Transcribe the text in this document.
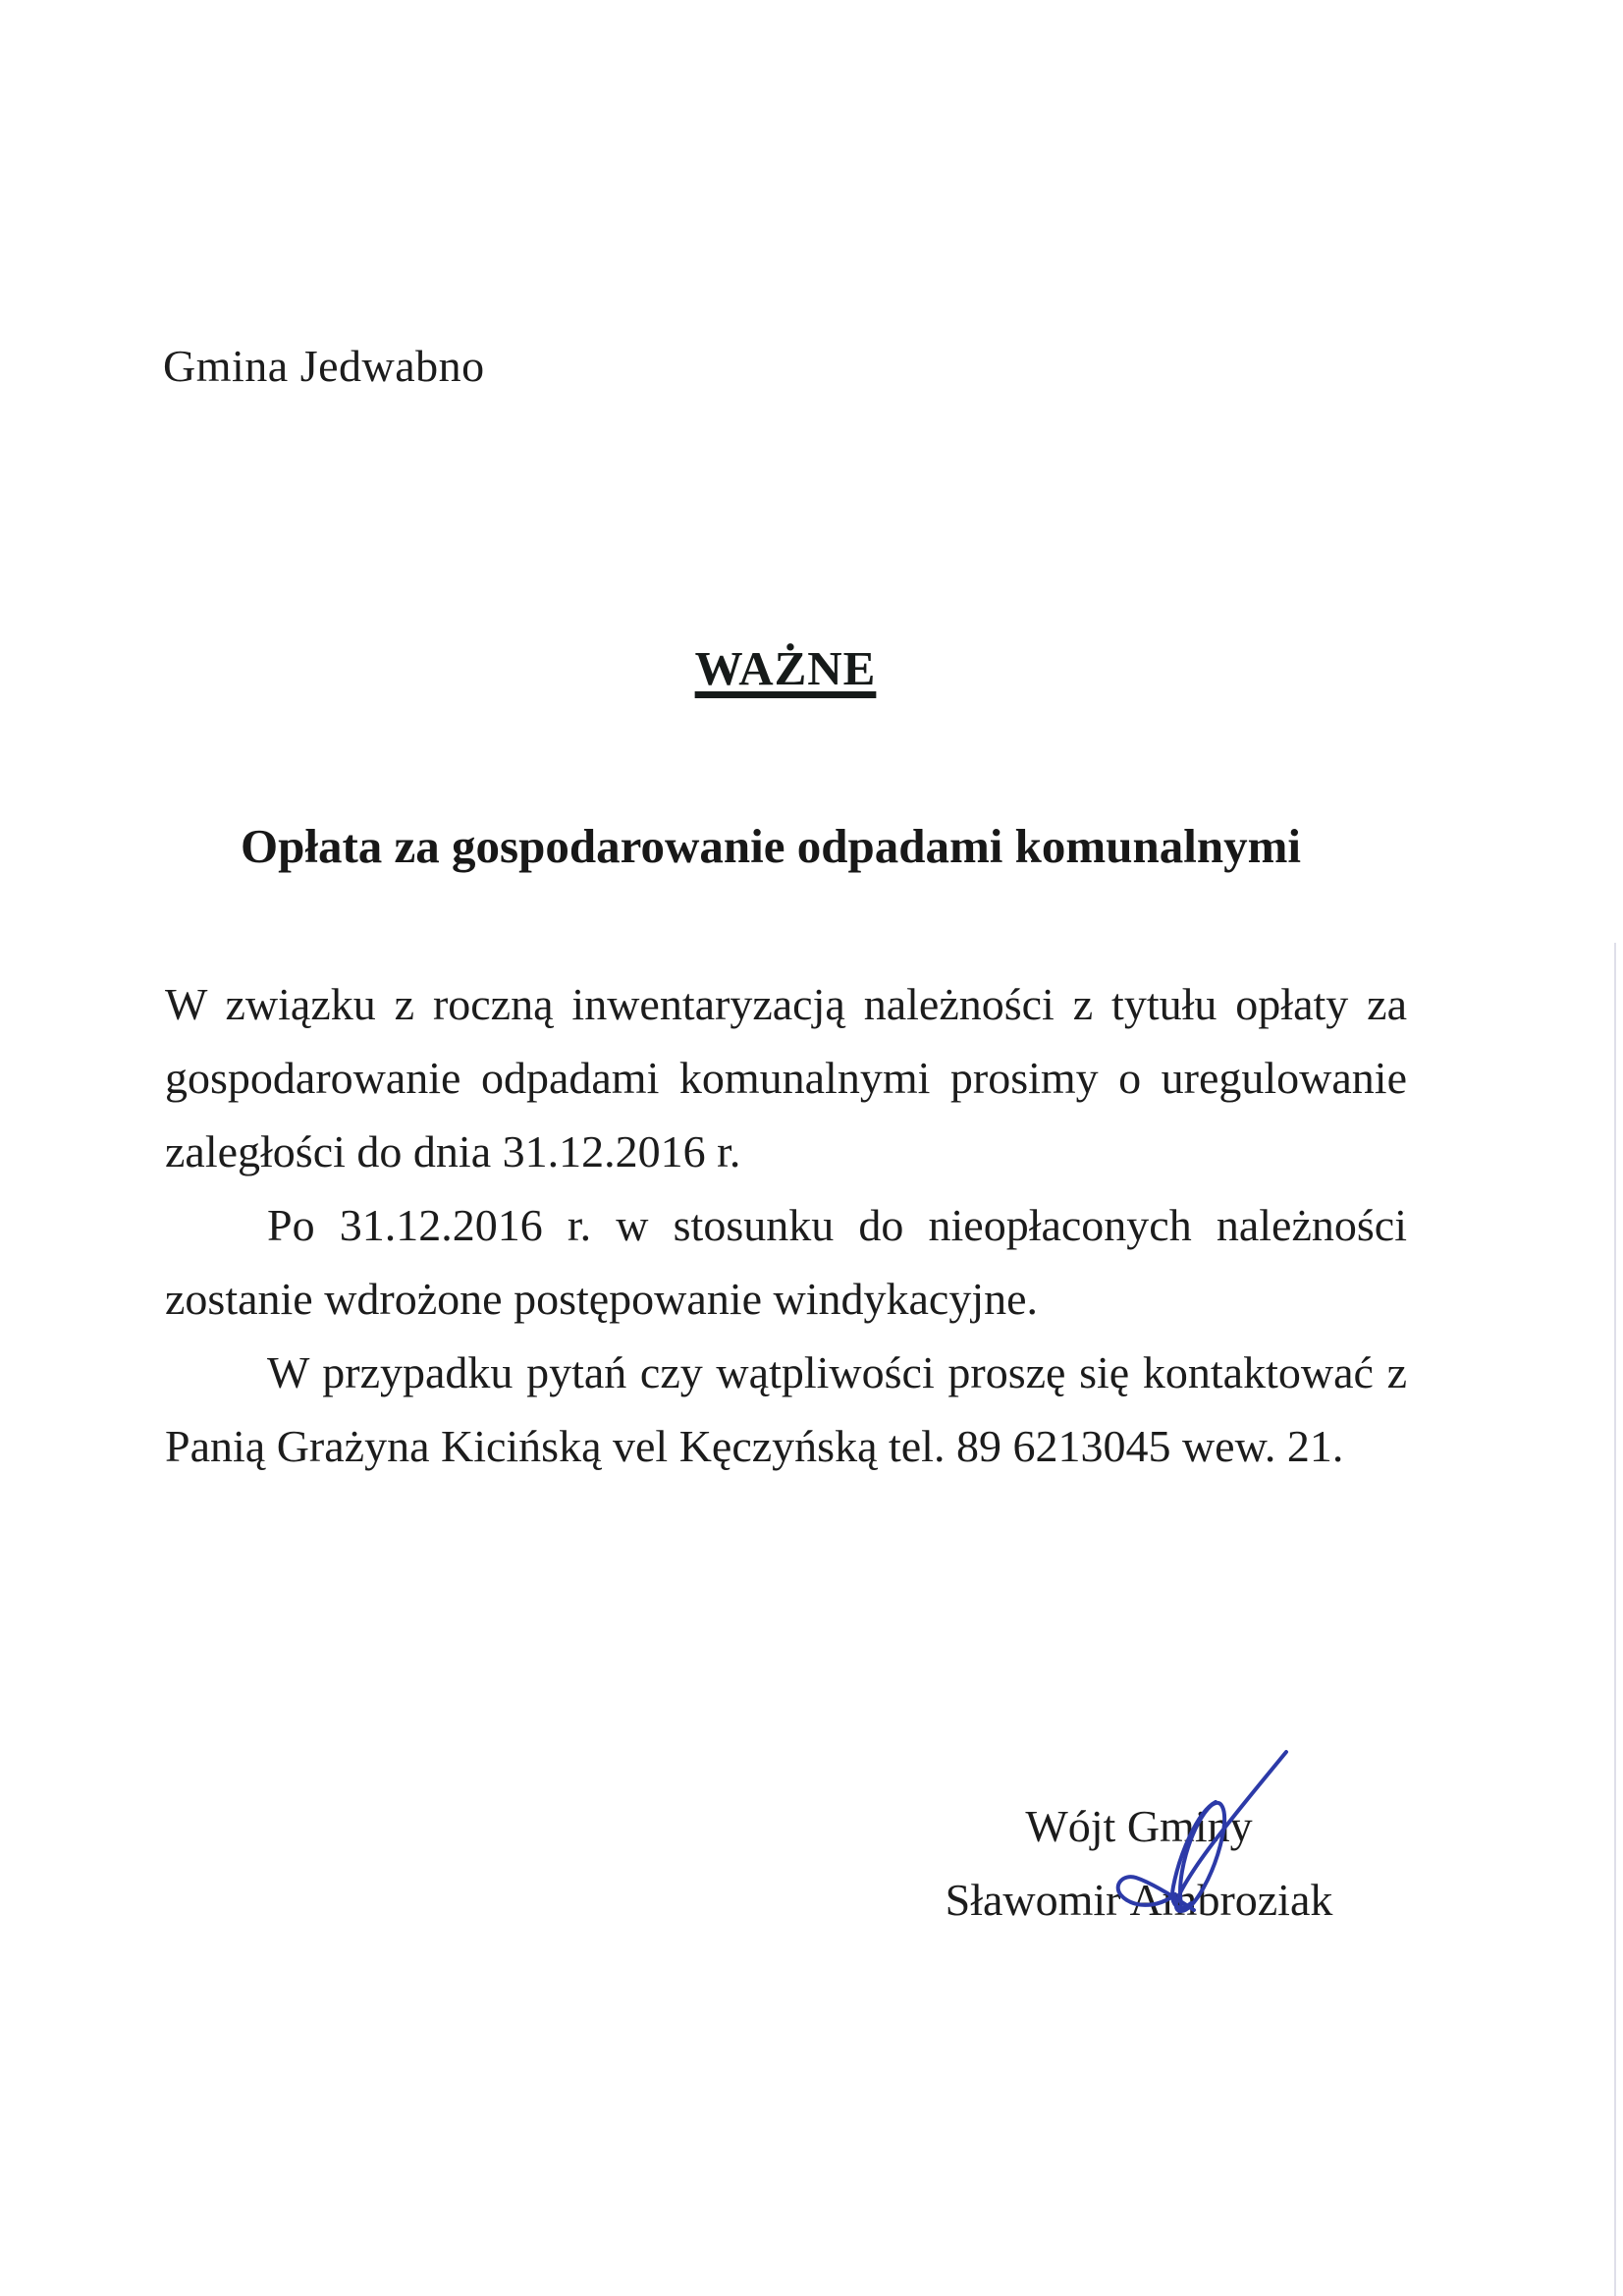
Gmina Jedwabno
WAŻNE
Opłata za gospodarowanie odpadami komunalnymi
W związku z roczną inwentaryzacją należności z tytułu opłaty za
gospodarowanie odpadami komunalnymi prosimy o uregulowanie
zaległości do dnia 31.12.2016 r.
Po 31.12.2016 r. w stosunku do nieopłaconych należności
zostanie wdrożone postępowanie windykacyjne.
W przypadku pytań czy wątpliwości proszę się kontaktować z
Panią Grażyna Kicińską vel Kęczyńską tel. 89 6213045 wew. 21.
Wójt Gminy
Sławomir Ambroziak
